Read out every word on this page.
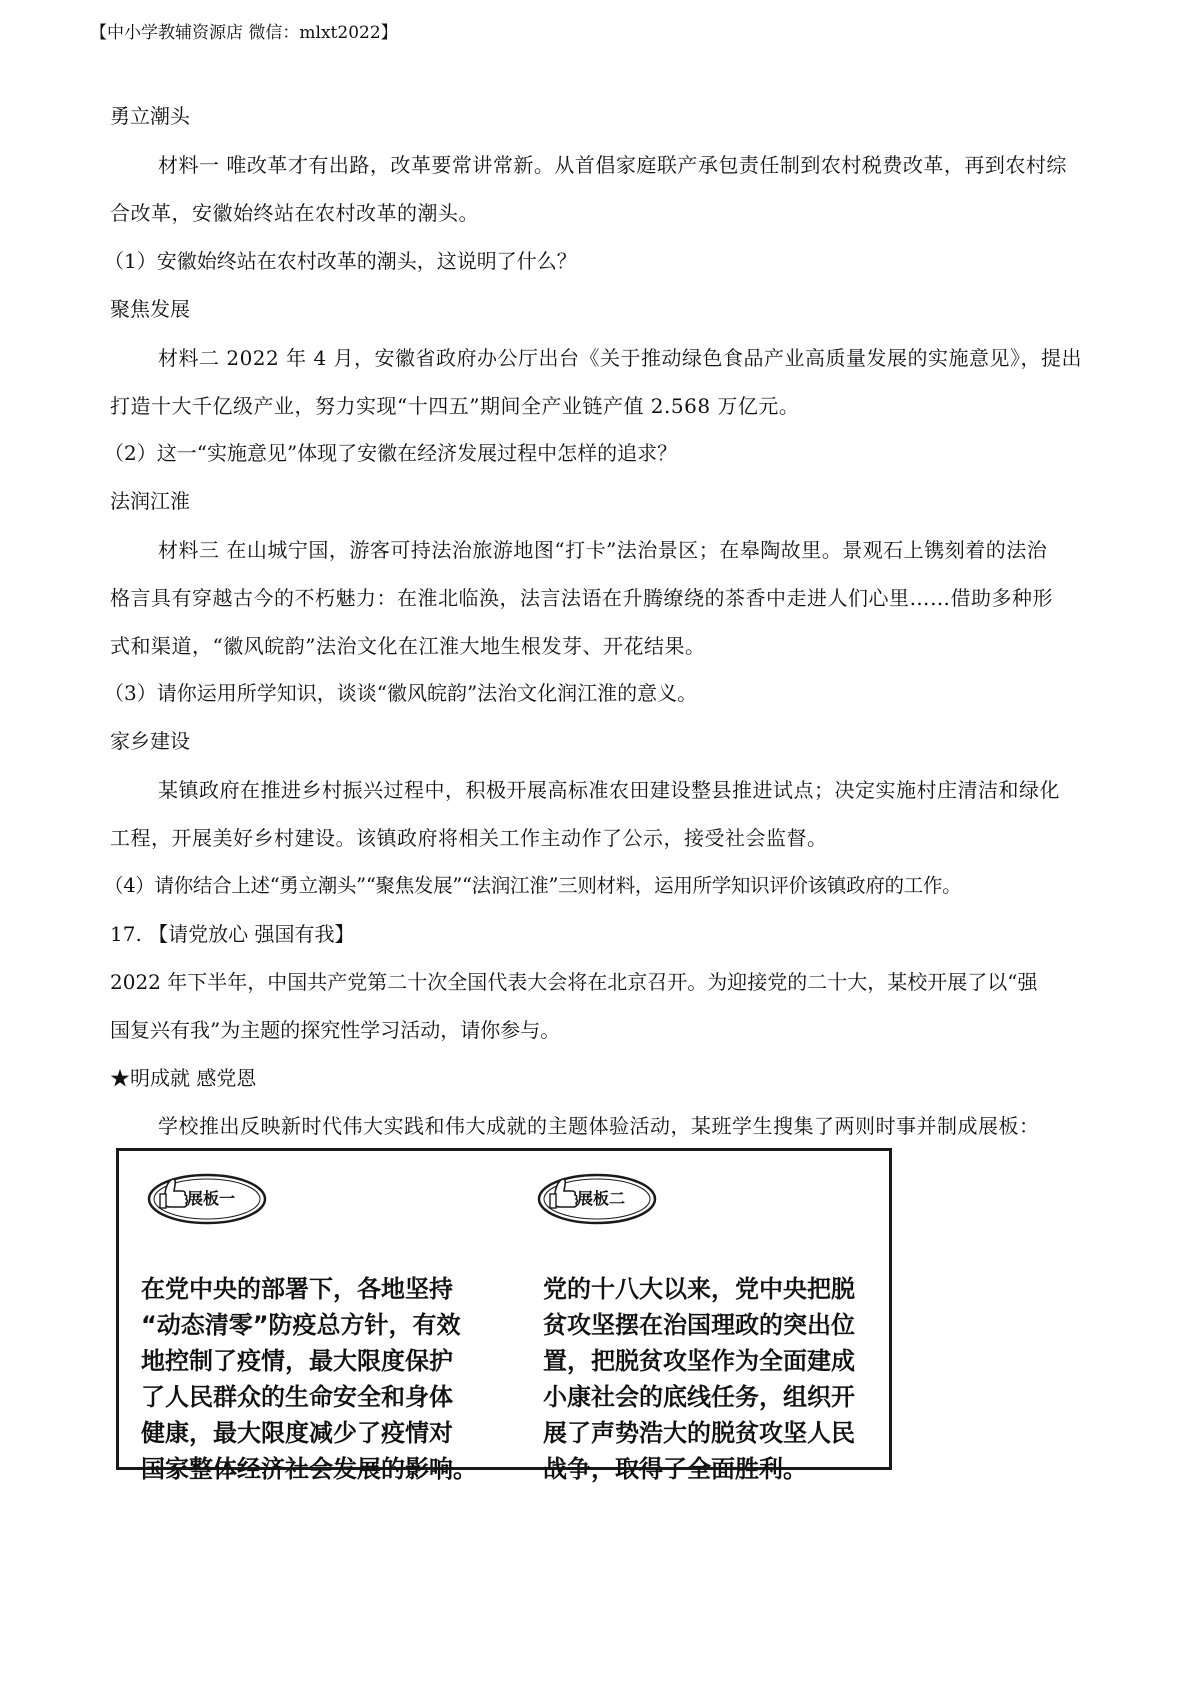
【中小学教辅资源店 微信：mlxt2022】
勇立潮头
材料一 唯改革才有出路，改革要常讲常新。从首倡家庭联产承包责任制到农村税费改革，再到农村综
合改革，安徽始终站在农村改革的潮头。
（1）安徽始终站在农村改革的潮头，这说明了什么？
聚焦发展
材料二 2022 年 4 月，安徽省政府办公厅出台《关于推动绿色食品产业高质量发展的实施意见》，提出
打造十大千亿级产业，努力实现“十四五”期间全产业链产值 2.568 万亿元。
（2）这一“实施意见”体现了安徽在经济发展过程中怎样的追求？
法润江淮
材料三 在山城宁国，游客可持法治旅游地图“打卡”法治景区；在皋陶故里。景观石上镌刻着的法治
格言具有穿越古今的不朽魅力：在淮北临涣，法言法语在升腾缭绕的茶香中走进人们心里……借助多种形
式和渠道，“徽风皖韵”法治文化在江淮大地生根发芽、开花结果。
（3）请你运用所学知识，谈谈“徽风皖韵”法治文化润江淮的意义。
家乡建设
某镇政府在推进乡村振兴过程中，积极开展高标准农田建设整县推进试点；决定实施村庄清洁和绿化
工程，开展美好乡村建设。该镇政府将相关工作主动作了公示，接受社会监督。
（4）请你结合上述“勇立潮头”“聚焦发展”“法润江淮”三则材料，运用所学知识评价该镇政府的工作。
17. 【请党放心 强国有我】
2022 年下半年，中国共产党第二十次全国代表大会将在北京召开。为迎接党的二十大，某校开展了以“强
国复兴有我”为主题的探究性学习活动，请你参与。
★明成就 感党恩
学校推出反映新时代伟大实践和伟大成就的主题体验活动，某班学生搜集了两则时事并制成展板：
展板一
在党中央的部署下，各地坚持
“动态清零”防疫总方针，有效
地控制了疫情，最大限度保护
了人民群众的生命安全和身体
健康，最大限度减少了疫情对
国家整体经济社会发展的影响。
展板二
党的十八大以来，党中央把脱
贫攻坚摆在治国理政的突出位
置，把脱贫攻坚作为全面建成
小康社会的底线任务，组织开
展了声势浩大的脱贫攻坚人民
战争，取得了全面胜利。
